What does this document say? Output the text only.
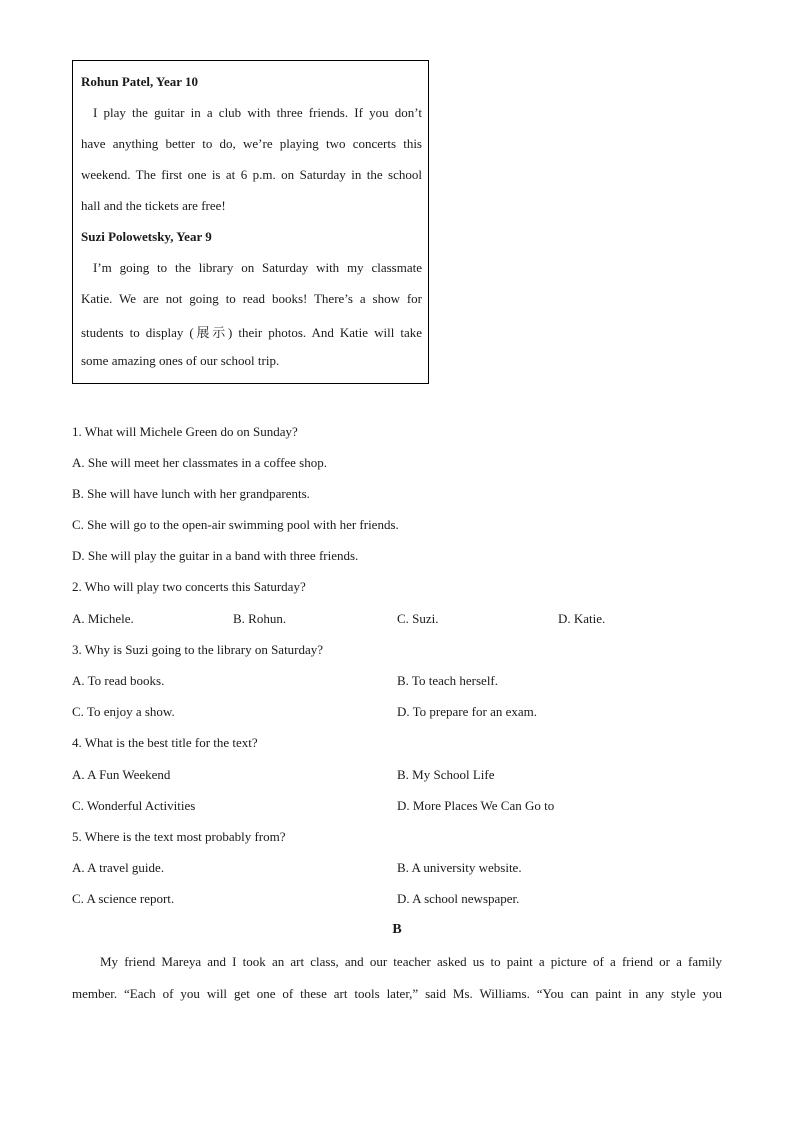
Rohun Patel, Year 10
I play the guitar in a club with three friends. If you don’t
have anything better to do, we’re playing two concerts this
weekend. The first one is at 6 p.m. on Saturday in the school
hall and the tickets are free!
Suzi Polowetsky, Year 9
I’m going to the library on Saturday with my classmate
Katie. We are not going to read books! There’s a show for
students to display (展示) their photos. And Katie will take
some amazing ones of our school trip.
1. What will Michele Green do on Sunday?
A. She will meet her classmates in a coffee shop.
B. She will have lunch with her grandparents.
C. She will go to the open-air swimming pool with her friends.
D. She will play the guitar in a band with three friends.
2. Who will play two concerts this Saturday?
A. Michele.	B. Rohun.	C. Suzi.	D. Katie.
3. Why is Suzi going to the library on Saturday?
A. To read books.	B. To teach herself.
C. To enjoy a show.	D. To prepare for an exam.
4. What is the best title for the text?
A. A Fun Weekend	B. My School Life
C. Wonderful Activities	D. More Places We Can Go to
5. Where is the text most probably from?
A. A travel guide.	B. A university website.
C. A science report.	D. A school newspaper.
B
My friend Mareya and I took an art class, and our teacher asked us to paint a picture of a friend or a family
member. “Each of you will get one of these art tools later,” said Ms. Williams. “You can paint in any style you
